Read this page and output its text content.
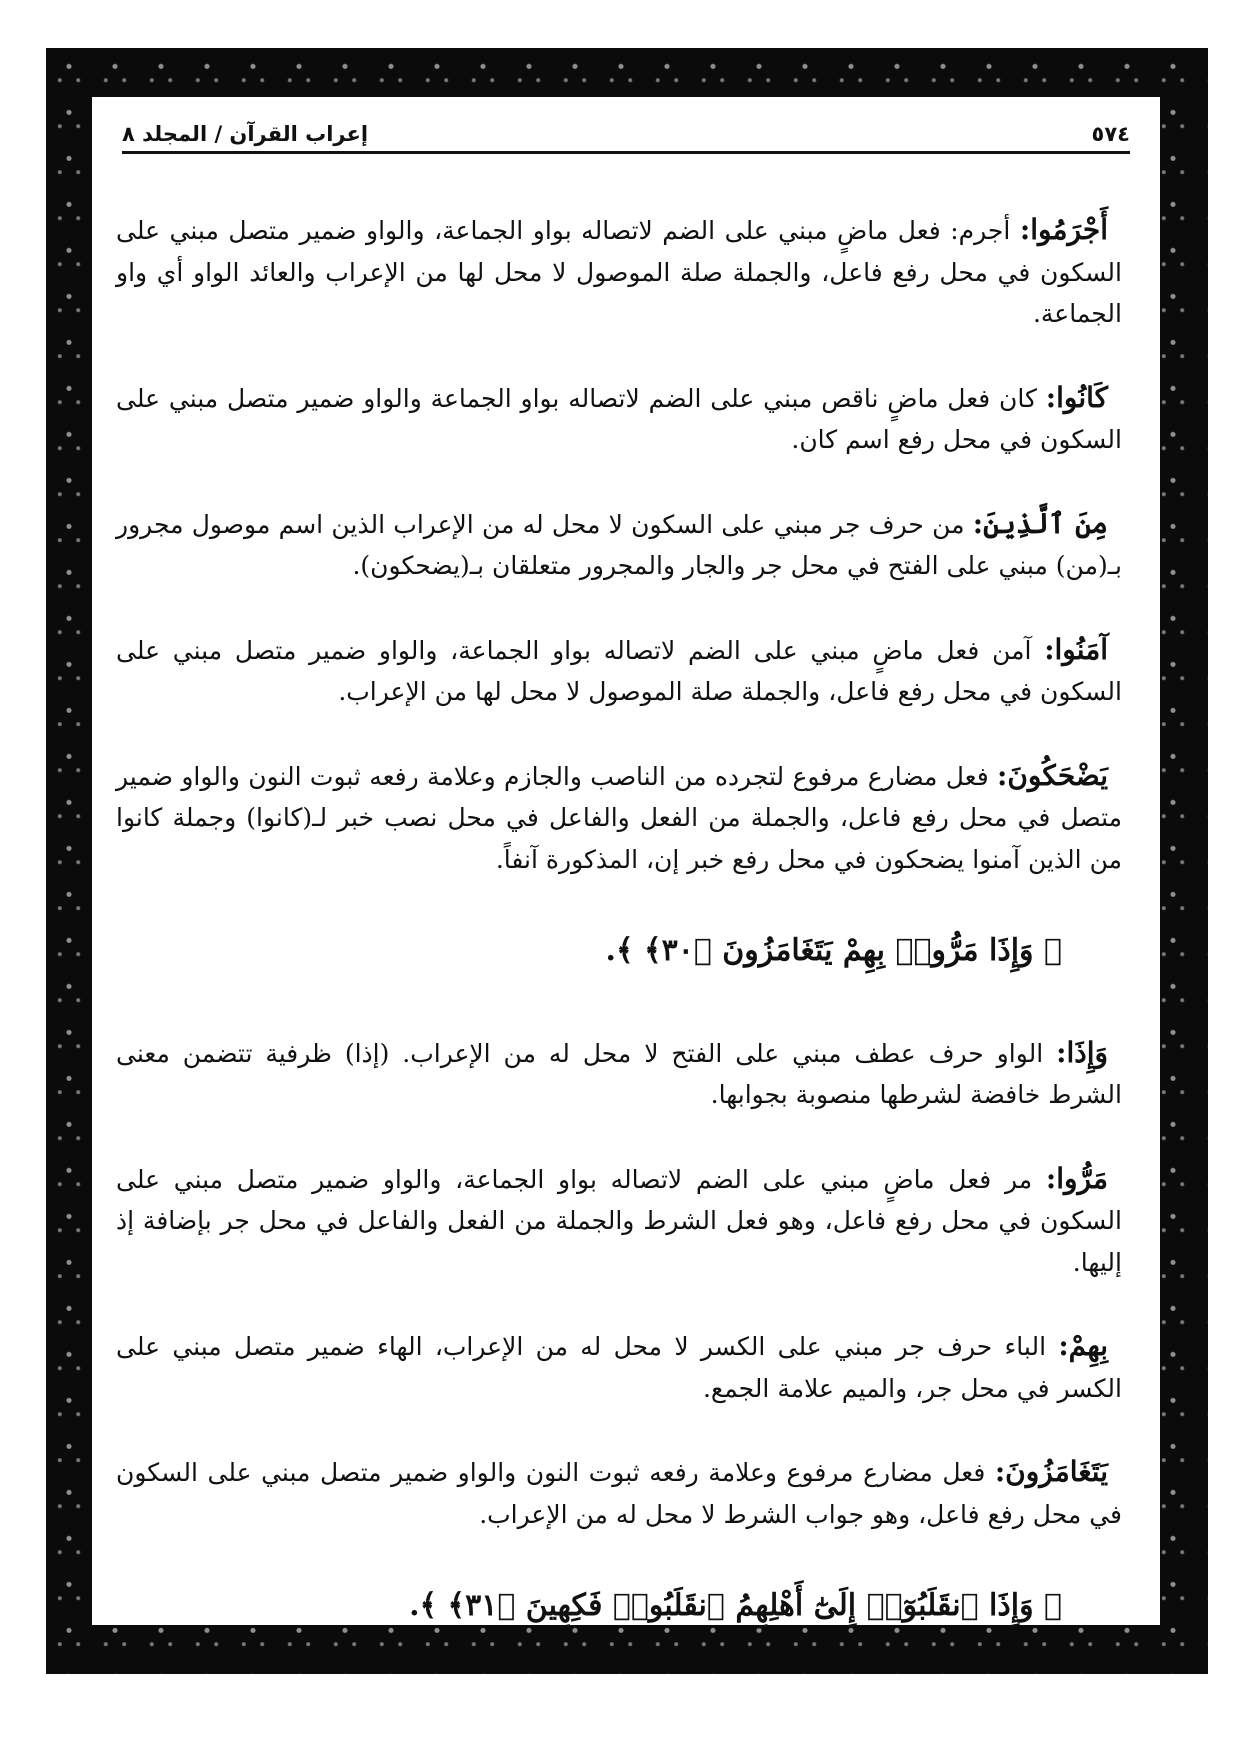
٥٧٤
إعراب القرآن / المجلد ٨

أَجْرَمُوا: أجرم: فعل ماضٍ مبني على الضم لاتصاله بواو الجماعة، والواو ضمير متصل مبني على السكون في محل رفع فاعل، والجملة صلة الموصول لا محل لها من الإعراب والعائد الواو أي واو الجماعة.

كَانُوا: كان فعل ماضٍ ناقص مبني على الضم لاتصاله بواو الجماعة والواو ضمير متصل مبني على السكون في محل رفع اسم كان.

مِنَ ٱلَّذِينَ: من حرف جر مبني على السكون لا محل له من الإعراب الذين اسم موصول مجرور بـ(من) مبني على الفتح في محل جر والجار والمجرور متعلقان بـ(يضحكون).

آمَنُوا: آمن فعل ماضٍ مبني على الضم لاتصاله بواو الجماعة، والواو ضمير متصل مبني على السكون في محل رفع فاعل، والجملة صلة الموصول لا محل لها من الإعراب.

يَضْحَكُونَ: فعل مضارع مرفوع لتجرده من الناصب والجازم وعلامة رفعه ثبوت النون والواو ضمير متصل في محل رفع فاعل، والجملة من الفعل والفاعل في محل نصب خبر لـ(كانوا) وجملة كانوا من الذين آمنوا يضحكون في محل رفع خبر إن، المذكورة آنفاً.

﴿ وَإِذَا مَرُّوا۟ بِهِمْ يَتَغَامَزُونَ ﴿٣٠﴾ ﴾.

وَإِذَا: الواو حرف عطف مبني على الفتح لا محل له من الإعراب. (إذا) ظرفية تتضمن معنى الشرط خافضة لشرطها منصوبة بجوابها.

مَرُّوا: مر فعل ماضٍ مبني على الضم لاتصاله بواو الجماعة، والواو ضمير متصل مبني على السكون في محل رفع فاعل، وهو فعل الشرط والجملة من الفعل والفاعل في محل جر بإضافة إذ إليها.

بِهِمْ: الباء حرف جر مبني على الكسر لا محل له من الإعراب، الهاء ضمير متصل مبني على الكسر في محل جر، والميم علامة الجمع.

يَتَغَامَزُونَ: فعل مضارع مرفوع وعلامة رفعه ثبوت النون والواو ضمير متصل مبني على السكون في محل رفع فاعل، وهو جواب الشرط لا محل له من الإعراب.

﴿ وَإِذَا ٱنقَلَبُوٓا۟ إِلَىٰٓ أَهْلِهِمُ ٱنقَلَبُوا۟ فَكِهِينَ ﴿٣١﴾ ﴾.
